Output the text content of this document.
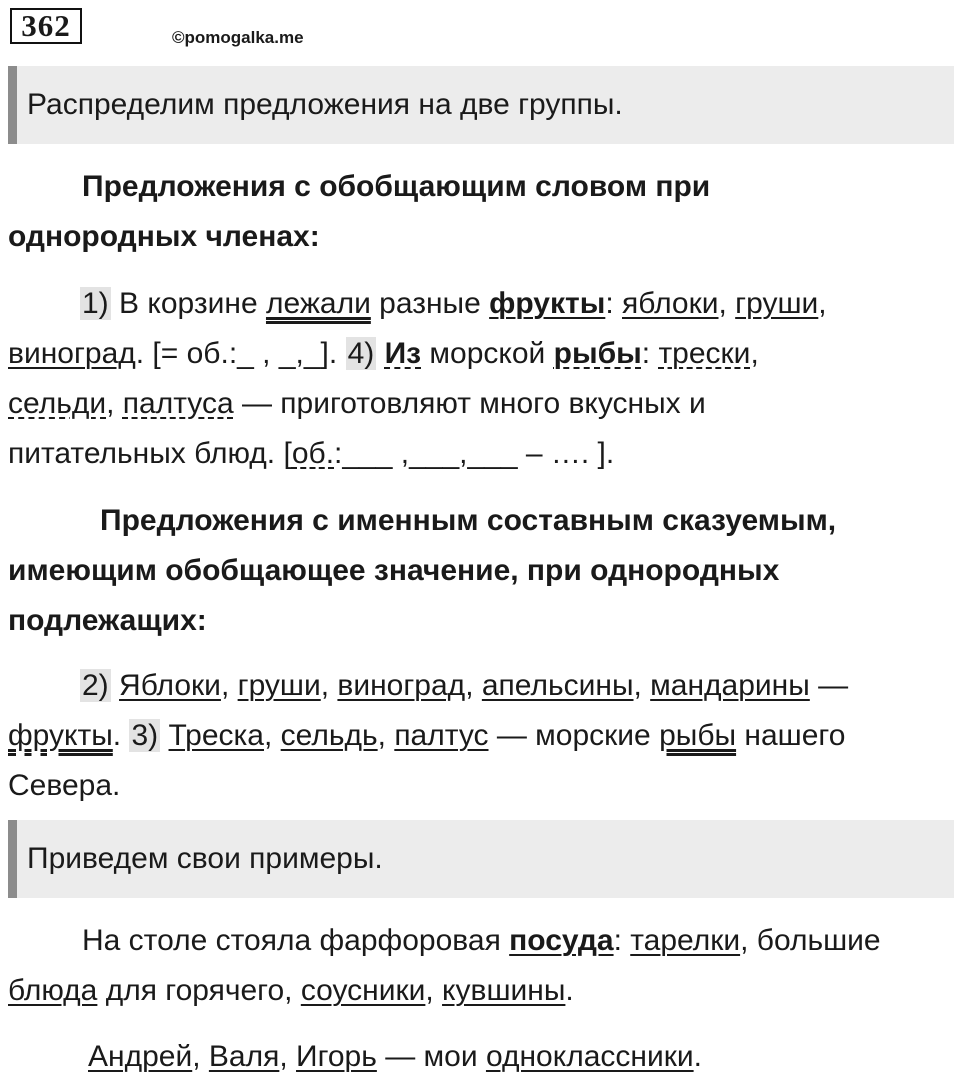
362	©pomogalka.me
Распределим предложения на две группы.
Предложения с обобщающим словом при
однородных членах:
1) В корзине лежали разные фрукты: яблоки, груши,
виноград. [= об.:_ , _,_]. 4) Из морской рыбы: трески,
сельди, палтуса — приготовляют много вкусных и
питательных блюд. [об.:___ ,___,___ – …. ].
Предложения с именным составным сказуемым,
имеющим обобщающее значение, при однородных
подлежащих:
2) Яблоки, груши, виноград, апельсины, мандарины —
фрукты. 3) Треска, сельдь, палтус — морские рыбы нашего
Севера.
Приведем свои примеры.
На столе стояла фарфоровая посуда: тарелки, большие
блюда для горячего, соусники, кувшины.
Андрей, Валя, Игорь — мои одноклассники.
